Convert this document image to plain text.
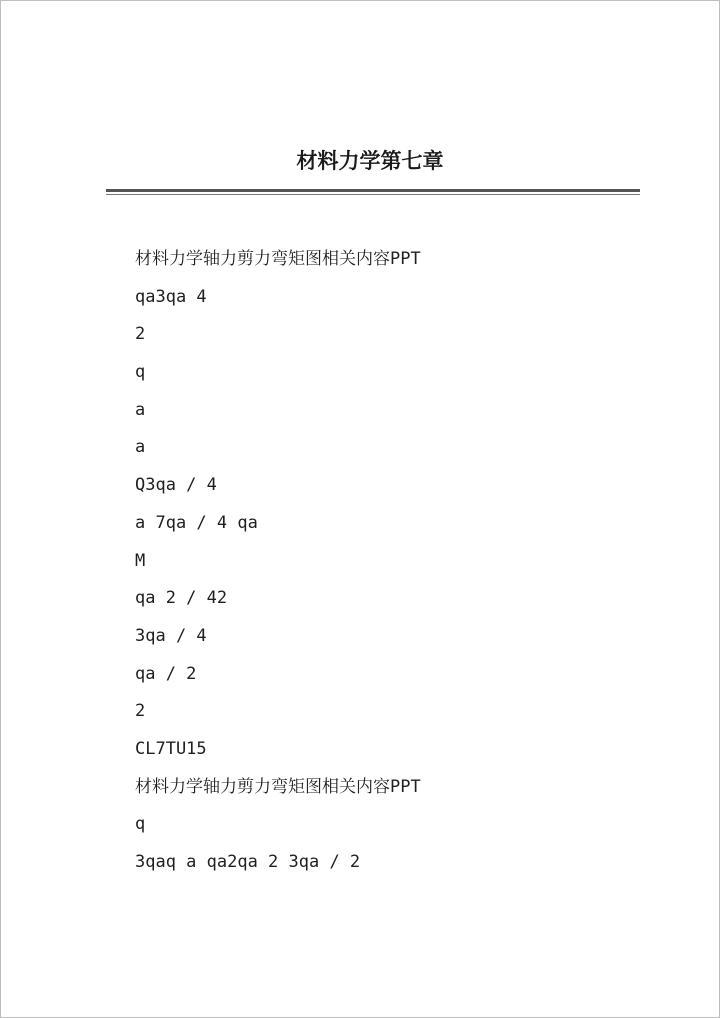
材料力学第七章
材料力学轴力剪力弯矩图相关内容PPT
qa3qa 4
2
q
a
a
Q3qa / 4
a 7qa / 4 qa
M
qa 2 / 42
3qa / 4
qa / 2
2
CL7TU15
材料力学轴力剪力弯矩图相关内容PPT
q
3qaq a qa2qa 2 3qa / 2
